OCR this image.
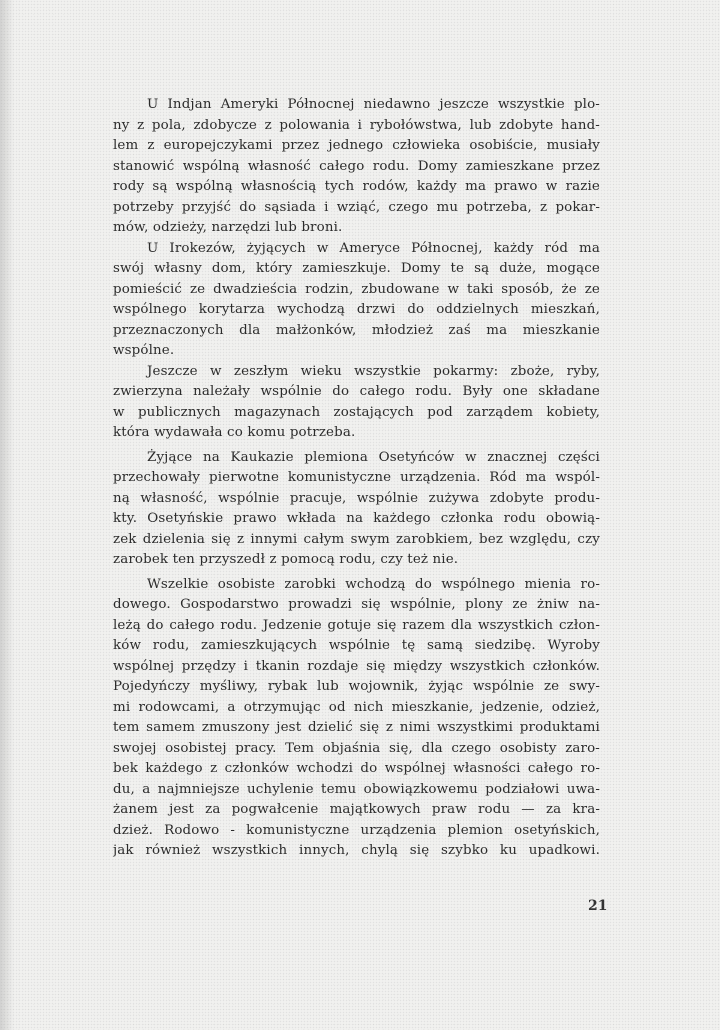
U Indjan Ameryki Północnej niedawno jeszcze wszystkie plo-
ny z pola, zdobycze z polowania i rybołówstwa, lub zdobyte hand-
lem z europejczykami przez jednego człowieka osobiście, musiały
stanowić wspólną własność całego rodu. Domy zamieszkane przez
rody są wspólną własnością tych rodów, każdy ma prawo w razie
potrzeby przyjść do sąsiada i wziąć, czego mu potrzeba, z pokar-
mów, odzieży, narzędzi lub broni.
U Irokezów, żyjących w Ameryce Północnej, każdy ród ma
swój własny dom, który zamieszkuje. Domy te są duże, mogące
pomieścić ze dwadzieścia rodzin, zbudowane w taki sposób, że ze
wspólnego korytarza wychodzą drzwi do oddzielnych mieszkań,
przeznaczonych dla małżonków, młodzież zaś ma mieszkanie
wspólne.
Jeszcze w zeszłym wieku wszystkie pokarmy: zboże, ryby,
zwierzyna należały wspólnie do całego rodu. Były one składane
w publicznych magazynach zostających pod zarządem kobiety,
która wydawała co komu potrzeba.
Żyjące na Kaukazie plemiona Osetyńców w znacznej części
przechowały pierwotne komunistyczne urządzenia. Ród ma wspól-
ną własność, wspólnie pracuje, wspólnie zużywa zdobyte produ-
kty. Osetyńskie prawo wkłada na każdego członka rodu obowią-
zek dzielenia się z innymi całym swym zarobkiem, bez względu, czy
zarobek ten przyszedł z pomocą rodu, czy też nie.
Wszelkie osobiste zarobki wchodzą do wspólnego mienia ro-
dowego. Gospodarstwo prowadzi się wspólnie, plony ze żniw na-
leżą do całego rodu. Jedzenie gotuje się razem dla wszystkich człon-
ków rodu, zamieszkujących wspólnie tę samą siedzibę. Wyroby
wspólnej przędzy i tkanin rozdaje się między wszystkich członków.
Pojedyńczy myśliwy, rybak lub wojownik, żyjąc wspólnie ze swy-
mi rodowcami, a otrzymując od nich mieszkanie, jedzenie, odzież,
tem samem zmuszony jest dzielić się z nimi wszystkimi produktami
swojej osobistej pracy. Tem objaśnia się, dla czego osobisty zaro-
bek każdego z członków wchodzi do wspólnej własności całego ro-
du, a najmniejsze uchylenie temu obowiązkowemu podziałowi uwa-
żanem jest za pogwałcenie majątkowych praw rodu — za kra-
dzież. Rodowo - komunistyczne urządzenia plemion osetyńskich,
jak również wszystkich innych, chylą się szybko ku upadkowi.
21
